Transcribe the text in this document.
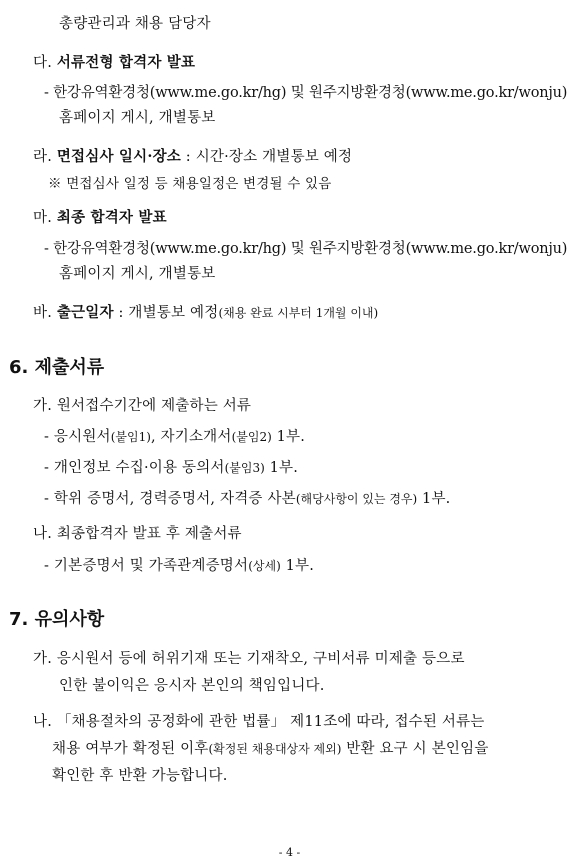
총량관리과 채용 담당자
다. 서류전형 합격자 발표
- 한강유역환경청(www.me.go.kr/hg) 및 원주지방환경청(www.me.go.kr/wonju)
홈페이지 게시, 개별통보
라. 면접심사 일시·장소 : 시간·장소 개별통보 예정
※ 면접심사 일정 등 채용일정은 변경될 수 있음
마. 최종 합격자 발표
- 한강유역환경청(www.me.go.kr/hg) 및 원주지방환경청(www.me.go.kr/wonju)
홈페이지 게시, 개별통보
바. 출근일자 : 개별통보 예정(채용 완료 시부터 1개월 이내)
6. 제출서류
가. 원서접수기간에 제출하는 서류
- 응시원서(붙임1), 자기소개서(붙임2) 1부.
- 개인정보 수집·이용 동의서(붙임3) 1부.
- 학위 증명서, 경력증명서, 자격증 사본(해당사항이 있는 경우) 1부.
나. 최종합격자 발표 후 제출서류
- 기본증명서 및 가족관계증명서(상세) 1부.
7. 유의사항
가. 응시원서 등에 허위기재 또는 기재착오, 구비서류 미제출 등으로
인한 불이익은 응시자 본인의 책임입니다.
나. 「채용절차의 공정화에 관한 법률」 제11조에 따라, 접수된 서류는
채용 여부가 확정된 이후(확정된 채용대상자 제외) 반환 요구 시 본인임을
확인한 후 반환 가능합니다.
- 4 -
